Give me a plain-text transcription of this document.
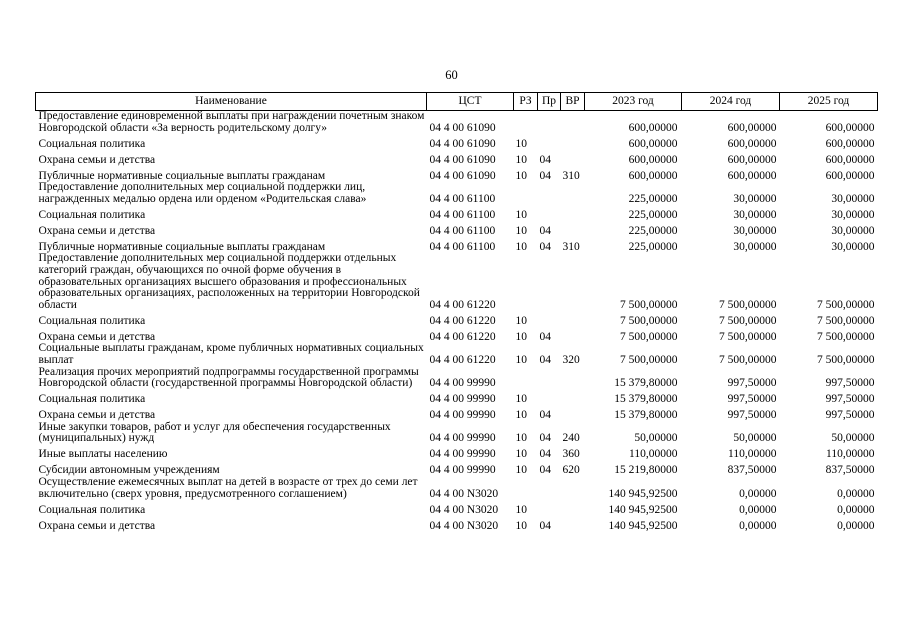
60
Наименование	ЦСТ	РЗ	Пр	ВР	2023 год	2024 год	2025 год
Предоставление единовременной выплаты при награждении почетным знаком Новгородской области «За верность родительскому долгу»	04 4 00 61090				600,00000	600,00000	600,00000
Социальная политика	04 4 00 61090	10			600,00000	600,00000	600,00000
Охрана семьи и детства	04 4 00 61090	10	04		600,00000	600,00000	600,00000
Публичные нормативные социальные выплаты гражданам	04 4 00 61090	10	04	310	600,00000	600,00000	600,00000
Предоставление дополнительных мер социальной поддержки лиц, награжденных медалью ордена или орденом «Родительская слава»	04 4 00 61100				225,00000	30,00000	30,00000
Социальная политика	04 4 00 61100	10			225,00000	30,00000	30,00000
Охрана семьи и детства	04 4 00 61100	10	04		225,00000	30,00000	30,00000
Публичные нормативные социальные выплаты гражданам	04 4 00 61100	10	04	310	225,00000	30,00000	30,00000
Предоставление дополнительных мер социальной поддержки отдельных категорий граждан, обучающихся по очной форме обучения в образовательных организациях высшего образования и профессиональных образовательных организациях, расположенных на территории Новгородской области	04 4 00 61220				7 500,00000	7 500,00000	7 500,00000
Социальная политика	04 4 00 61220	10			7 500,00000	7 500,00000	7 500,00000
Охрана семьи и детства	04 4 00 61220	10	04		7 500,00000	7 500,00000	7 500,00000
Социальные выплаты гражданам, кроме публичных нормативных социальных выплат	04 4 00 61220	10	04	320	7 500,00000	7 500,00000	7 500,00000
Реализация прочих мероприятий подпрограммы государственной программы Новгородской области (государственной программы Новгородской области)	04 4 00 99990				15 379,80000	997,50000	997,50000
Социальная политика	04 4 00 99990	10			15 379,80000	997,50000	997,50000
Охрана семьи и детства	04 4 00 99990	10	04		15 379,80000	997,50000	997,50000
Иные закупки товаров, работ и услуг для обеспечения государственных (муниципальных) нужд	04 4 00 99990	10	04	240	50,00000	50,00000	50,00000
Иные выплаты населению	04 4 00 99990	10	04	360	110,00000	110,00000	110,00000
Субсидии автономным учреждениям	04 4 00 99990	10	04	620	15 219,80000	837,50000	837,50000
Осуществление ежемесячных выплат на детей в возрасте от трех до семи лет включительно (сверх уровня, предусмотренного соглашением)	04 4 00 N3020				140 945,92500	0,00000	0,00000
Социальная политика	04 4 00 N3020	10			140 945,92500	0,00000	0,00000
Охрана семьи и детства	04 4 00 N3020	10	04		140 945,92500	0,00000	0,00000
